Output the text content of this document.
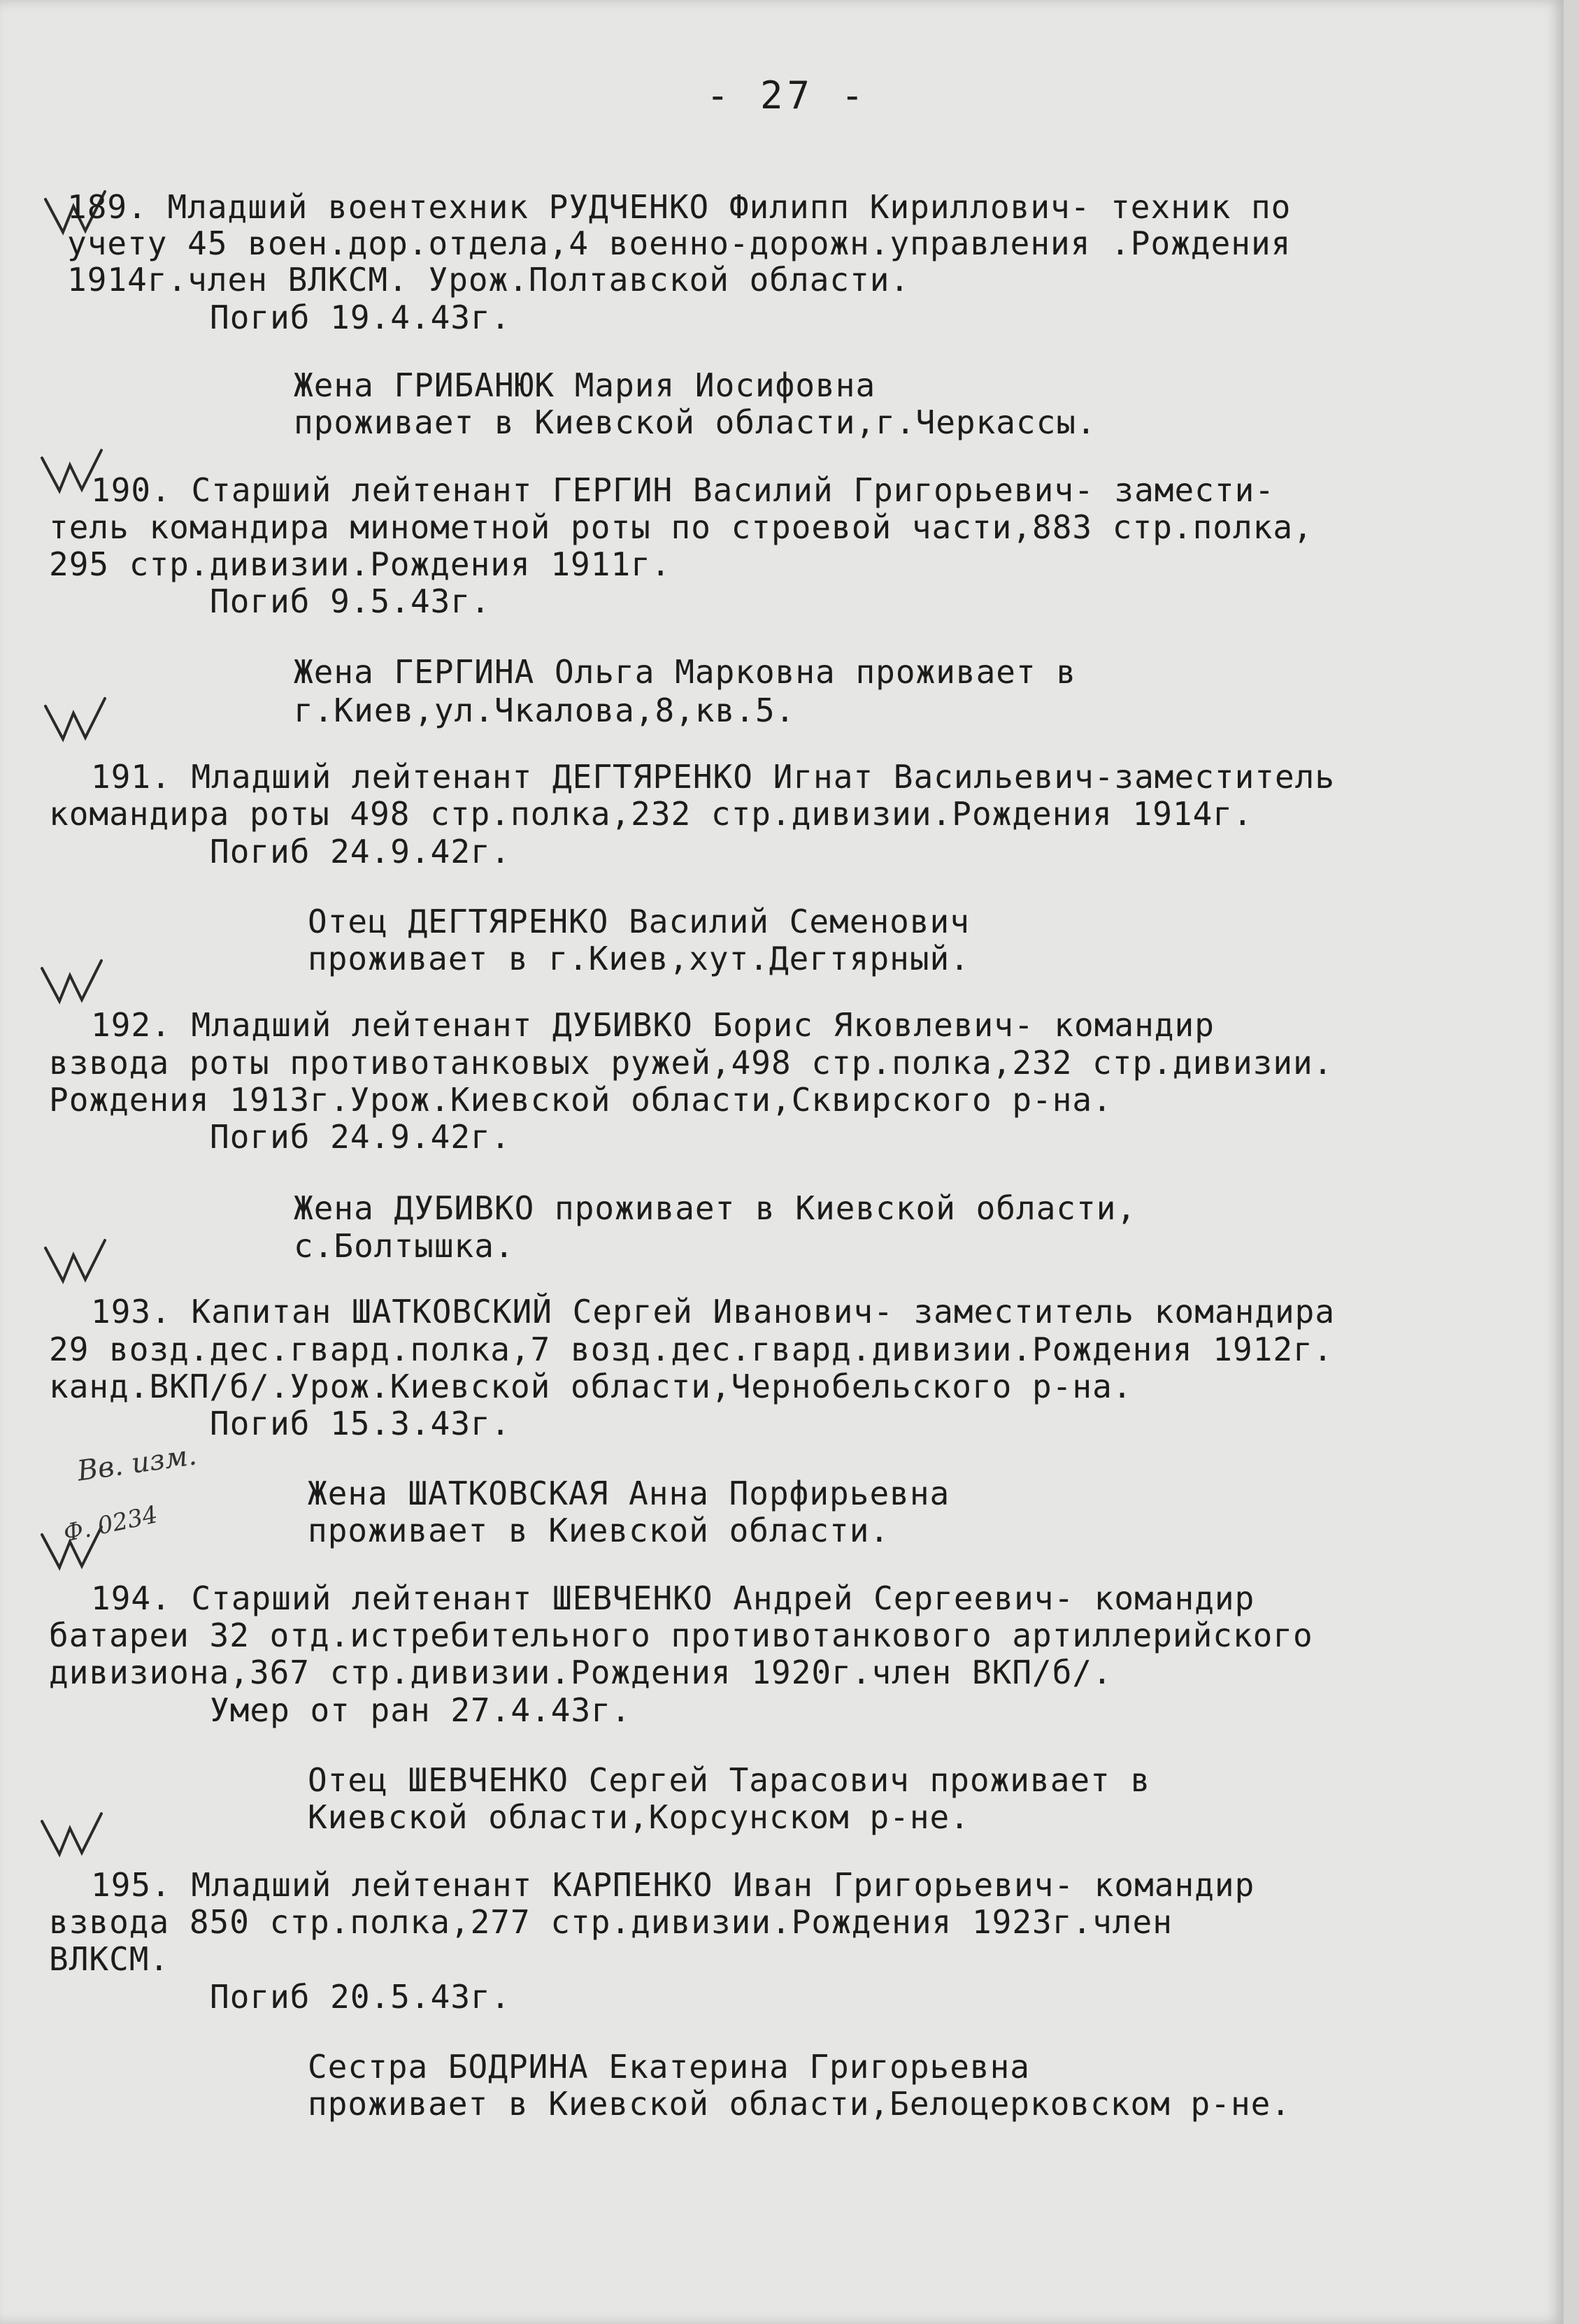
- 27 -
Вв. изм.
Ф. 0234
189. Младший воентехник РУДЧЕНКО Филипп Кириллович- техник по
учету 45 воен.дор.отдела,4 военно-дорожн.управления .Рождения
1914г.член ВЛКСМ. Урож.Полтавской области.
Погиб 19.4.43г.
Жена ГРИБАНЮК Мария Иосифовна
проживает в Киевской области,г.Черкассы.
190. Старший лейтенант ГЕРГИН Василий Григорьевич- замести-
тель командира минометной роты по строевой части,883 стр.полка,
295 стр.дивизии.Рождения 1911г.
Погиб 9.5.43г.
Жена ГЕРГИНА Ольга Марковна проживает в
г.Киев,ул.Чкалова,8,кв.5.
191. Младший лейтенант ДЕГТЯРЕНКО Игнат Васильевич-заместитель
командира роты 498 стр.полка,232 стр.дивизии.Рождения 1914г.
Погиб 24.9.42г.
Отец ДЕГТЯРЕНКО Василий Семенович
проживает в г.Киев,хут.Дегтярный.
192. Младший лейтенант ДУБИВКО Борис Яковлевич- командир
взвода роты противотанковых ружей,498 стр.полка,232 стр.дивизии.
Рождения 1913г.Урож.Киевской области,Сквирского р-на.
Погиб 24.9.42г.
Жена ДУБИВКО проживает в Киевской области,
с.Болтышка.
193. Капитан ШАТКОВСКИЙ Сергей Иванович- заместитель командира
29 возд.дес.гвард.полка,7 возд.дес.гвард.дивизии.Рождения 1912г.
канд.ВКП/б/.Урож.Киевской области,Чернобельского р-на.
Погиб 15.3.43г.
Жена ШАТКОВСКАЯ Анна Порфирьевна
проживает в Киевской области.
194. Старший лейтенант ШЕВЧЕНКО Андрей Сергеевич- командир
батареи 32 отд.истребительного противотанкового артиллерийского
дивизиона,367 стр.дивизии.Рождения 1920г.член ВКП/б/.
Умер от ран 27.4.43г.
Отец ШЕВЧЕНКО Сергей Тарасович проживает в
Киевской области,Корсунском р-не.
195. Младший лейтенант КАРПЕНКО Иван Григорьевич- командир
взвода 850 стр.полка,277 стр.дивизии.Рождения 1923г.член
ВЛКСМ.
Погиб 20.5.43г.
Сестра БОДРИНА Екатерина Григорьевна
проживает в Киевской области,Белоцерковском р-не.
